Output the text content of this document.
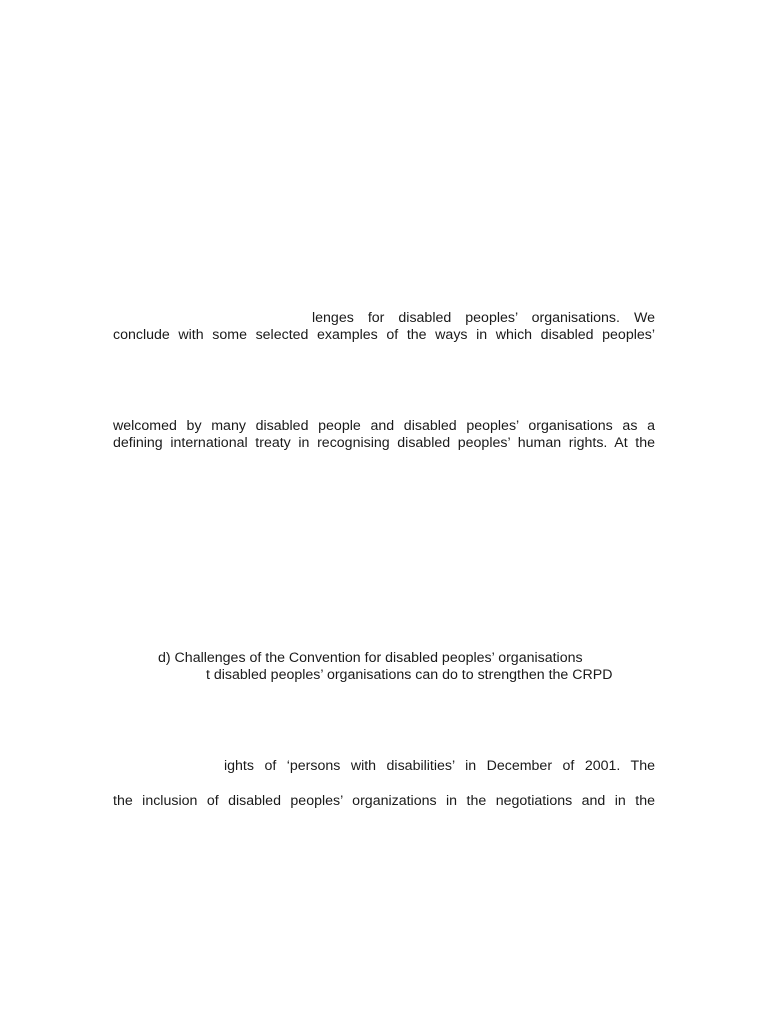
lenges for disabled peoples’ organisations. We
conclude with some selected examples of the ways in which disabled peoples’
welcomed by many disabled people and disabled peoples’ organisations as a
defining international treaty in recognising disabled peoples’ human rights. At the
d) Challenges of the Convention for disabled peoples’ organisations
t disabled peoples’ organisations can do to strengthen the CRPD
ights of ‘persons with disabilities’ in December of 2001. The
the inclusion of disabled peoples’ organizations in the negotiations and in the
